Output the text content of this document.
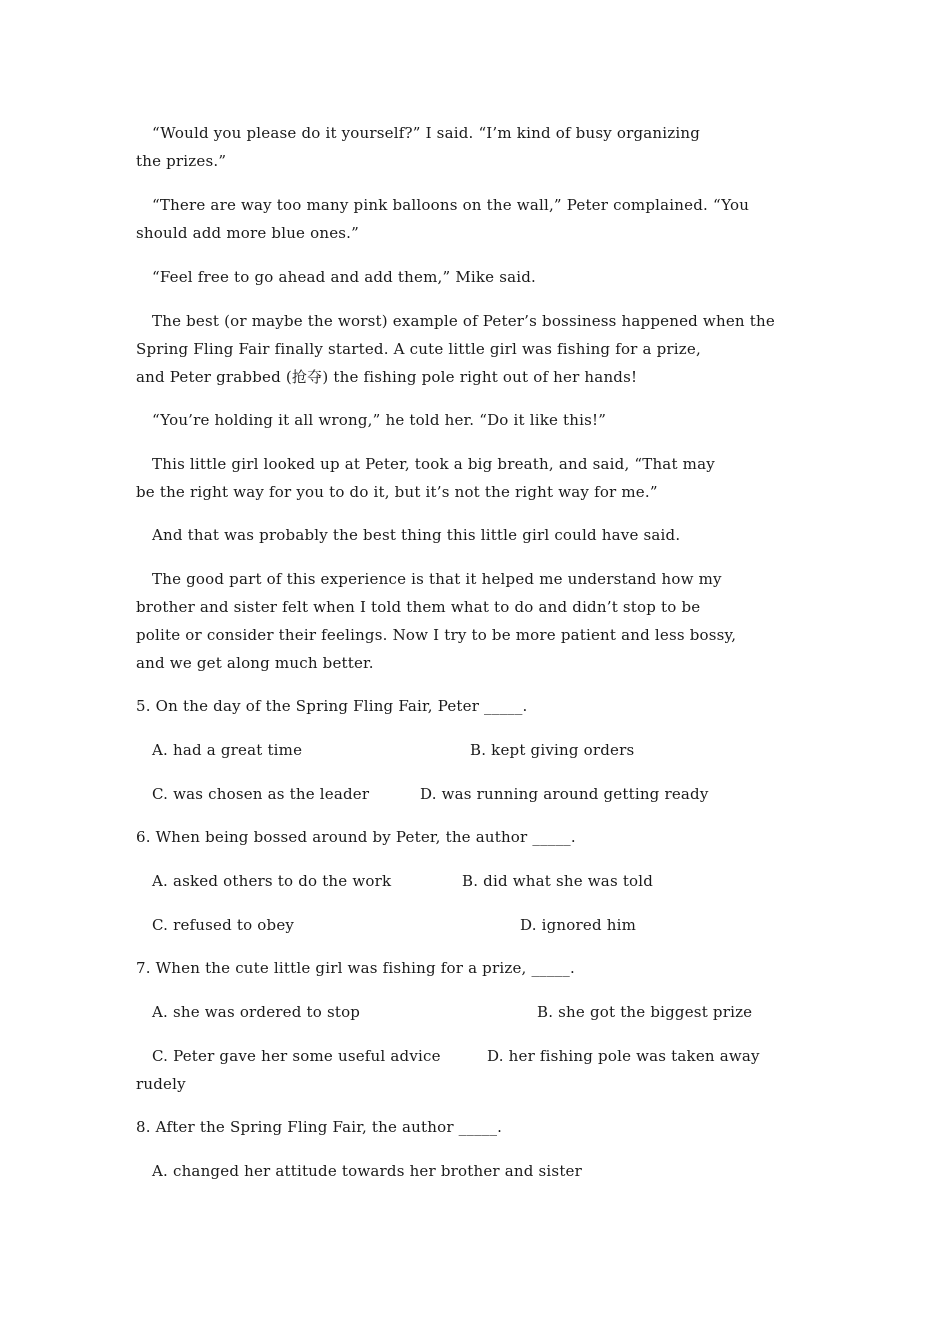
“Would you please do it yourself?” I said. “I’m kind of busy organizing
the prizes.”
“There are way too many pink balloons on the wall,” Peter complained. “You
should add more blue ones.”
“Feel free to go ahead and add them,” Mike said.
The best (or maybe the worst) example of Peter’s bossiness happened when the
Spring Fling Fair finally started. A cute little girl was fishing for a prize,
and Peter grabbed (抢夺) the fishing pole right out of her hands!
“You’re holding it all wrong,” he told her. “Do it like this!”
This little girl looked up at Peter, took a big breath, and said, “That may
be the right way for you to do it, but it’s not the right way for me.”
And that was probably the best thing this little girl could have said.
The good part of this experience is that it helped me understand how my
brother and sister felt when I told them what to do and didn’t stop to be
polite or consider their feelings. Now I try to be more patient and less bossy,
and we get along much better.
5. On the day of the Spring Fling Fair, Peter _____.
A. had a great time	B. kept giving orders
C. was chosen as the leader	D. was running around getting ready
6. When being bossed around by Peter, the author _____.
A. asked others to do the work	B. did what she was told
C. refused to obey	D. ignored him
7. When the cute little girl was fishing for a prize, _____.
A. she was ordered to stop	B. she got the biggest prize
C. Peter gave her some useful advice	D. her fishing pole was taken away
rudely
8. After the Spring Fling Fair, the author _____.
A. changed her attitude towards her brother and sister
